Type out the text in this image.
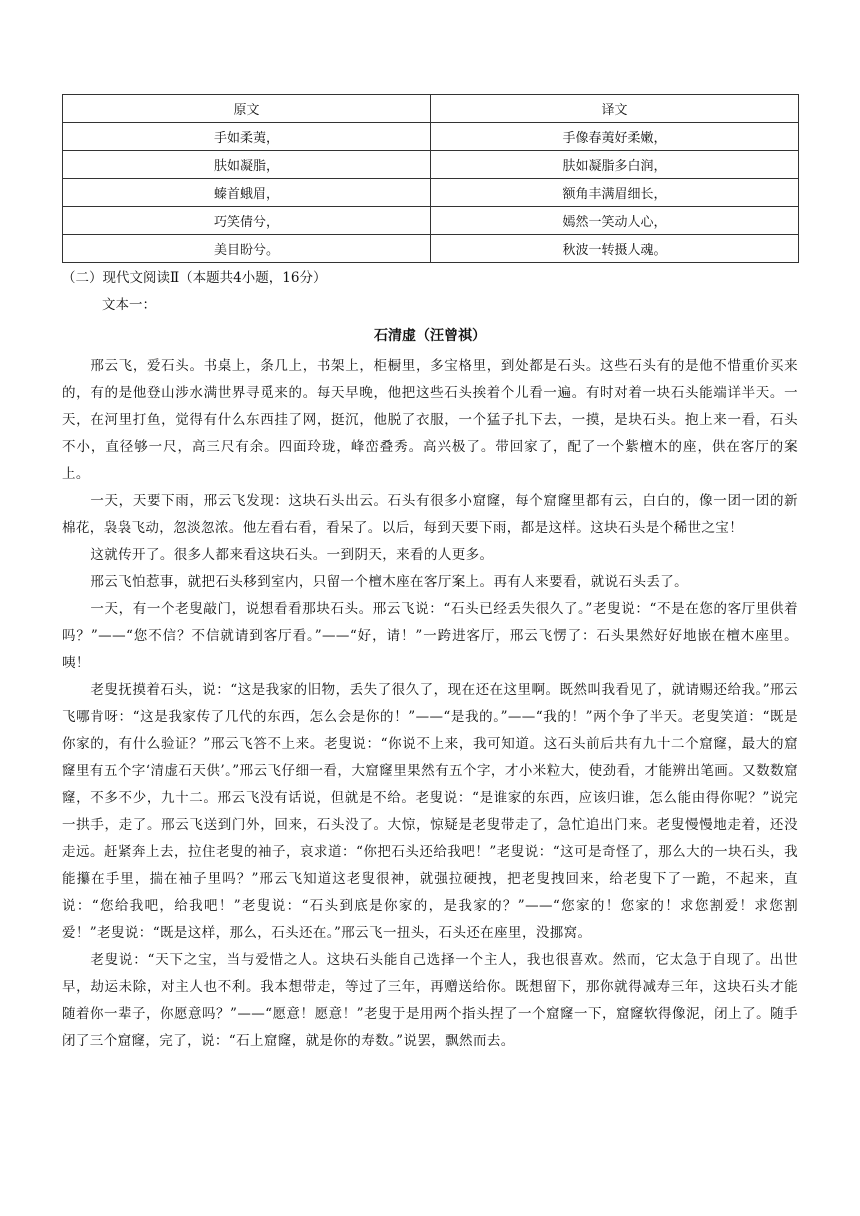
原文	译文
手如柔荑，	手像春荑好柔嫩，
肤如凝脂，	肤如凝脂多白润，
螓首蛾眉，	额角丰满眉细长，
巧笑倩兮，	嫣然一笑动人心，
美目盼兮。	秋波一转摄人魂。
（二）现代文阅读Ⅱ（本题共4小题，16分）
文本一：
石清虚（汪曾祺）

邢云飞，爱石头。书桌上，条几上，书架上，柜橱里，多宝格里，到处都是石头。这些石头有的是他不惜重价买来的，有的是他登山涉水满世界寻觅来的。每天早晚，他把这些石头挨着个儿看一遍。有时对着一块石头能端详半天。一天，在河里打鱼，觉得有什么东西挂了网，挺沉，他脱了衣服，一个猛子扎下去，一摸，是块石头。抱上来一看，石头不小，直径够一尺，高三尺有余。四面玲珑，峰峦叠秀。高兴极了。带回家了，配了一个紫檀木的座，供在客厅的案上。

一天，天要下雨，邢云飞发现：这块石头出云。石头有很多小窟窿，每个窟窿里都有云，白白的，像一团一团的新棉花，袅袅飞动，忽淡忽浓。他左看右看，看呆了。以后，每到天要下雨，都是这样。这块石头是个稀世之宝！

这就传开了。很多人都来看这块石头。一到阴天，来看的人更多。

邢云飞怕惹事，就把石头移到室内，只留一个檀木座在客厅案上。再有人来要看，就说石头丢了。

一天，有一个老叟敲门，说想看看那块石头。邢云飞说：“石头已经丢失很久了。”老叟说：“不是在您的客厅里供着吗？”——“您不信？不信就请到客厅看。”——“好，请！”一跨进客厅，邢云飞愣了：石头果然好好地嵌在檀木座里。咦！

老叟抚摸着石头，说：“这是我家的旧物，丢失了很久了，现在还在这里啊。既然叫我看见了，就请赐还给我。”邢云飞哪肯呀：“这是我家传了几代的东西，怎么会是你的！”——“是我的。”——“我的！”两个争了半天。老叟笑道：“既是你家的，有什么验证？”邢云飞答不上来。老叟说：“你说不上来，我可知道。这石头前后共有九十二个窟窿，最大的窟窿里有五个字‘清虚石天供’。”邢云飞仔细一看，大窟窿里果然有五个字，才小米粒大，使劲看，才能辨出笔画。又数数窟窿，不多不少，九十二。邢云飞没有话说，但就是不给。老叟说：“是谁家的东西，应该归谁，怎么能由得你呢？”说完一拱手，走了。邢云飞送到门外，回来，石头没了。大惊，惊疑是老叟带走了，急忙追出门来。老叟慢慢地走着，还没走远。赶紧奔上去，拉住老叟的袖子，哀求道：“你把石头还给我吧！”老叟说：“这可是奇怪了，那么大的一块石头，我能攥在手里，揣在袖子里吗？”邢云飞知道这老叟很神，就强拉硬拽，把老叟拽回来，给老叟下了一跪，不起来，直说：“您给我吧，给我吧！”老叟说：“石头到底是你家的，是我家的？”——“您家的！您家的！求您割爱！求您割爱！”老叟说：“既是这样，那么，石头还在。”邢云飞一扭头，石头还在座里，没挪窝。

老叟说：“天下之宝，当与爱惜之人。这块石头能自己选择一个主人，我也很喜欢。然而，它太急于自现了。出世早，劫运未除，对主人也不利。我本想带走，等过了三年，再赠送给你。既想留下，那你就得减寿三年，这块石头才能随着你一辈子，你愿意吗？”——“愿意！愿意！”老叟于是用两个指头捏了一个窟窿一下，窟窿软得像泥，闭上了。随手闭了三个窟窿，完了，说：“石上窟窿，就是你的寿数。”说罢，飘然而去。
